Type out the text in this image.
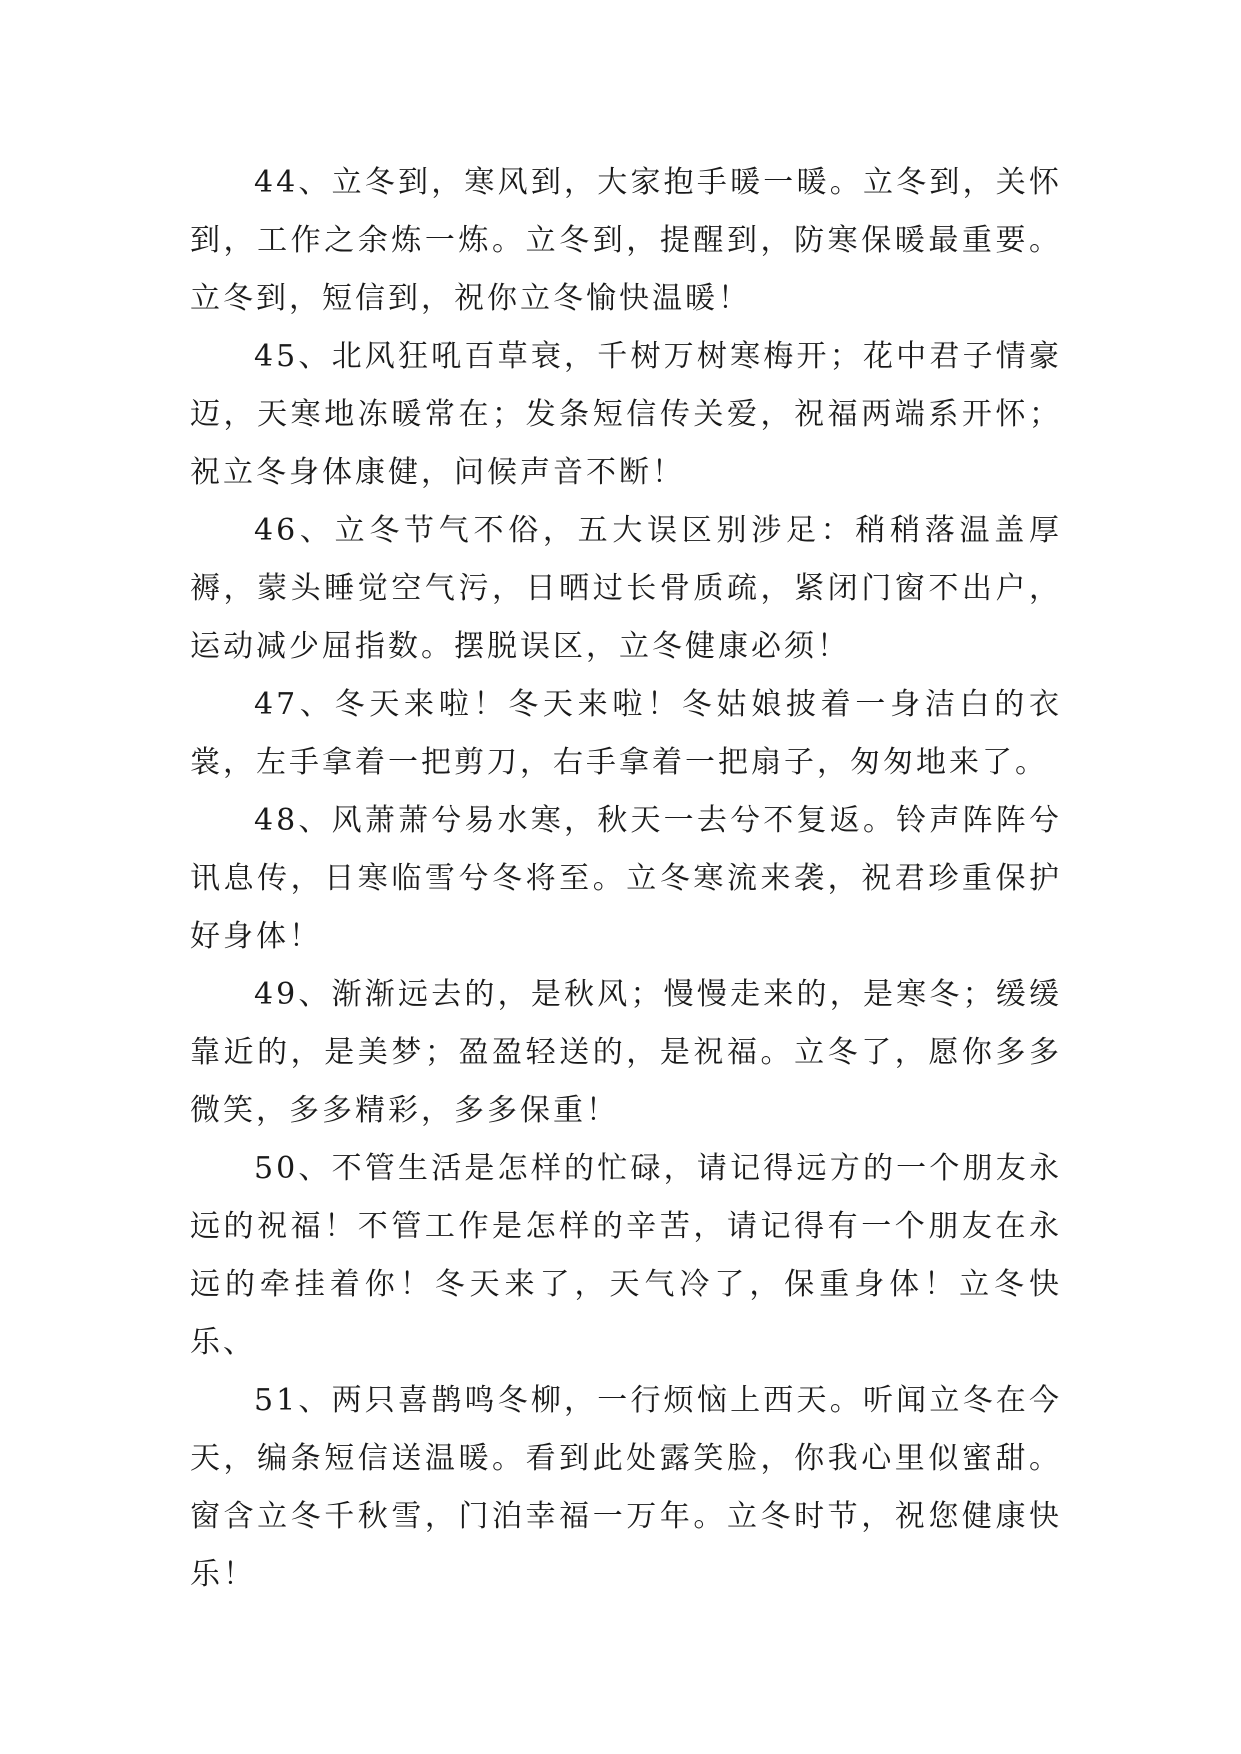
44、立冬到，寒风到，大家抱手暖一暖。立冬到，关怀到，工作之余炼一炼。立冬到，提醒到，防寒保暖最重要。立冬到，短信到，祝你立冬愉快温暖！

45、北风狂吼百草衰，千树万树寒梅开；花中君子情豪迈，天寒地冻暖常在；发条短信传关爱，祝福两端系开怀；祝立冬身体康健，问候声音不断！

46、立冬节气不俗，五大误区别涉足：稍稍落温盖厚褥，蒙头睡觉空气污，日晒过长骨质疏，紧闭门窗不出户，运动减少屈指数。摆脱误区，立冬健康必须！

47、冬天来啦！冬天来啦！冬姑娘披着一身洁白的衣裳，左手拿着一把剪刀，右手拿着一把扇子，匆匆地来了。

48、风萧萧兮易水寒，秋天一去兮不复返。铃声阵阵兮讯息传，日寒临雪兮冬将至。立冬寒流来袭，祝君珍重保护好身体！

49、渐渐远去的，是秋风；慢慢走来的，是寒冬；缓缓靠近的，是美梦；盈盈轻送的，是祝福。立冬了，愿你多多微笑，多多精彩，多多保重！

50、不管生活是怎样的忙碌，请记得远方的一个朋友永远的祝福！不管工作是怎样的辛苦，请记得有一个朋友在永远的牵挂着你！冬天来了，天气冷了，保重身体！立冬快乐、

51、两只喜鹊鸣冬柳，一行烦恼上西天。听闻立冬在今天，编条短信送温暖。看到此处露笑脸，你我心里似蜜甜。窗含立冬千秋雪，门泊幸福一万年。立冬时节，祝您健康快乐！
